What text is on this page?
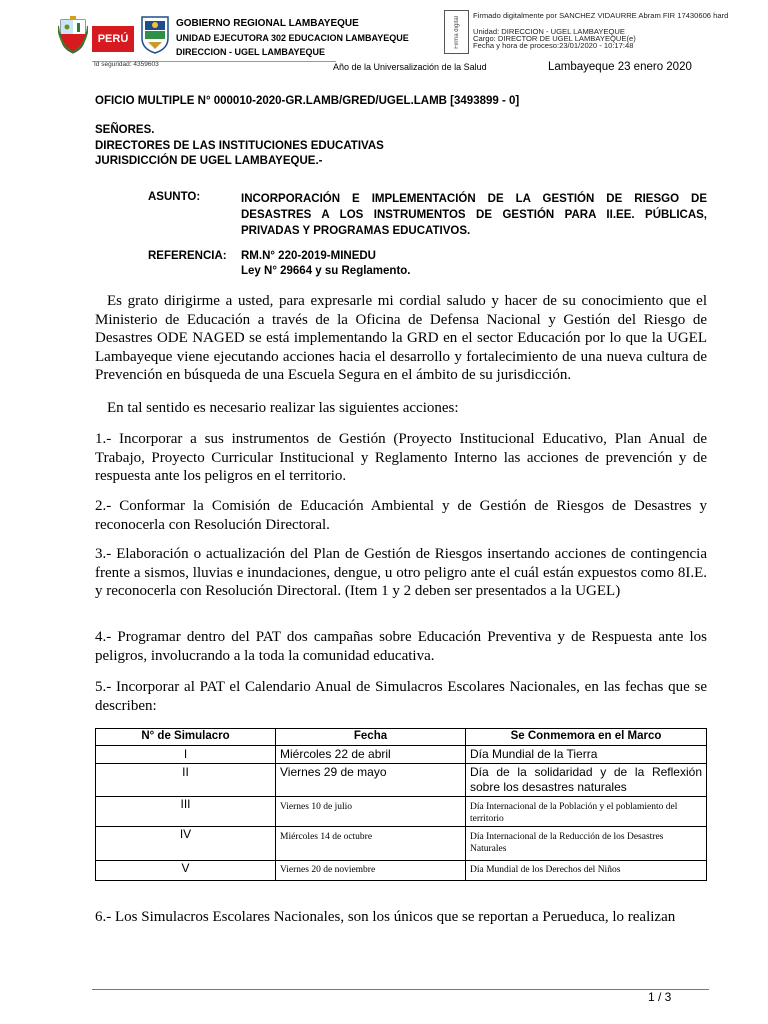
PERÚ
GOBIERNO REGIONAL LAMBAYEQUE
UNIDAD EJECUTORA 302 EDUCACION LAMBAYEQUE
DIRECCION - UGEL LAMBAYEQUE
Firma digital
Firmado digitalmente por SANCHEZ VIDAURRE Abram FIR 17430606 hard
Unidad: DIRECCION - UGEL LAMBAYEQUE
Cargo: DIRECTOR DE UGEL LAMBAYEQUE(e)
Fecha y hora de proceso:23/01/2020 - 10:17:48
Id seguridad: 4359603	Año de la Universalización de la Salud	Lambayeque 23 enero 2020
OFICIO MULTIPLE N° 000010-2020-GR.LAMB/GRED/UGEL.LAMB [3493899 - 0]
SEÑORES.
DIRECTORES DE LAS INSTITUCIONES EDUCATIVAS
JURISDICCIÓN DE UGEL LAMBAYEQUE.-
ASUNTO:	INCORPORACIÓN E IMPLEMENTACIÓN DE LA GESTIÓN DE RIESGO DE DESASTRES A LOS INSTRUMENTOS DE GESTIÓN PARA II.EE. PÚBLICAS, PRIVADAS Y PROGRAMAS EDUCATIVOS.
REFERENCIA: RM.N° 220-2019-MINEDU
Ley N° 29664 y su Reglamento.

Es grato dirigirme a usted, para expresarle mi cordial saludo y hacer de su conocimiento que el Ministerio de Educación a través de la Oficina de Defensa Nacional y Gestión del Riesgo de Desastres ODE NAGED se está implementando la GRD en el sector Educación por lo que la UGEL Lambayeque viene ejecutando acciones hacia el desarrollo y fortalecimiento de una nueva cultura de Prevención en búsqueda de una Escuela Segura en el ámbito de su jurisdicción.

En tal sentido es necesario realizar las siguientes acciones:

1.- Incorporar a sus instrumentos de Gestión (Proyecto Institucional Educativo, Plan Anual de Trabajo, Proyecto Curricular Institucional y Reglamento Interno las acciones de prevención y de respuesta ante los peligros en el territorio.

2.- Conformar la Comisión de Educación Ambiental y de Gestión de Riesgos de Desastres y reconocerla con Resolución Directoral.

3.- Elaboración o actualización del Plan de Gestión de Riesgos insertando acciones de contingencia frente a sismos, lluvias e inundaciones, dengue, u otro peligro ante el cuál están expuestos como 8I.E. y reconocerla con Resolución Directoral. (Item 1 y 2 deben ser presentados a la UGEL)

4.- Programar dentro del PAT dos campañas sobre Educación Preventiva y de Respuesta ante los peligros, involucrando a la toda la comunidad educativa.

5.- Incorporar al PAT el Calendario Anual de Simulacros Escolares Nacionales, en las fechas que se describen:

N° de Simulacro	Fecha	Se Conmemora en el Marco
I	Miércoles 22 de abril	Día Mundial de la Tierra
II	Viernes 29 de mayo	Día de la solidaridad y de la Reflexión sobre los desastres naturales
III	Viernes 10 de julio	Día Internacional de la Población y el poblamiento del territorio
IV	Miércoles 14 de octubre	Día Internacional de la Reducción de los Desastres Naturales
V	Viernes 20 de noviembre	Día Mundial de los Derechos del Niños

6.- Los Simulacros Escolares Nacionales, son los únicos que se reportan a Perueduca, lo realizan

1 / 3
